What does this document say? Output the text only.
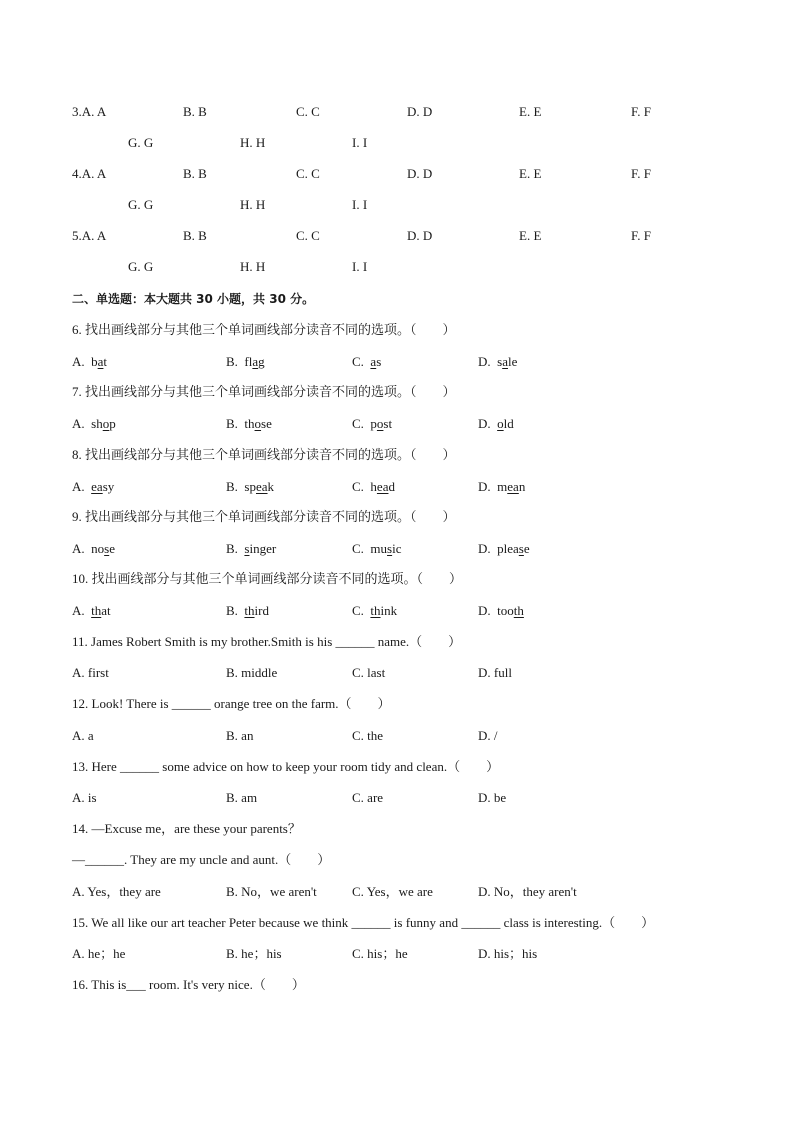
3.A. A	B. B	C. C	D. D	E. E	F. F
G. G	H. H	I. I
4.A. A	B. B	C. C	D. D	E. E	F. F
G. G	H. H	I. I
5.A. A	B. B	C. C	D. D	E. E	F. F
G. G	H. H	I. I
二、单选题：本大题共 30 小题，共 30 分。
6. 找出画线部分与其他三个单词画线部分读音不同的选项。（　　）
A. bat	B. flag	C. as	D. sale
7. 找出画线部分与其他三个单词画线部分读音不同的选项。（　　）
A. shop	B. those	C. post	D. old
8. 找出画线部分与其他三个单词画线部分读音不同的选项。（　　）
A. easy	B. speak	C. head	D. mean
9. 找出画线部分与其他三个单词画线部分读音不同的选项。（　　）
A. nose	B. singer	C. music	D. please
10. 找出画线部分与其他三个单词画线部分读音不同的选项。（　　）
A. that	B. third	C. think	D. tooth
11. James Robert Smith is my brother.Smith is his ______ name.（　　）
A. first	B. middle	C. last	D. full
12. Look! There is ______ orange tree on the farm.（　　）
A. a	B. an	C. the	D. /
13. Here ______ some advice on how to keep your room tidy and clean.（　　）
A. is	B. am	C. are	D. be
14. —Excuse me，are these your parents？
—______. They are my uncle and aunt.（　　）
A. Yes，they are	B. No，we aren't	C. Yes，we are	D. No，they aren't
15. We all like our art teacher Peter because we think ______ is funny and ______ class is interesting.（　　）
A. he；he	B. he；his	C. his；he	D. his；his
16. This is___ room. It's very nice.（　　）
